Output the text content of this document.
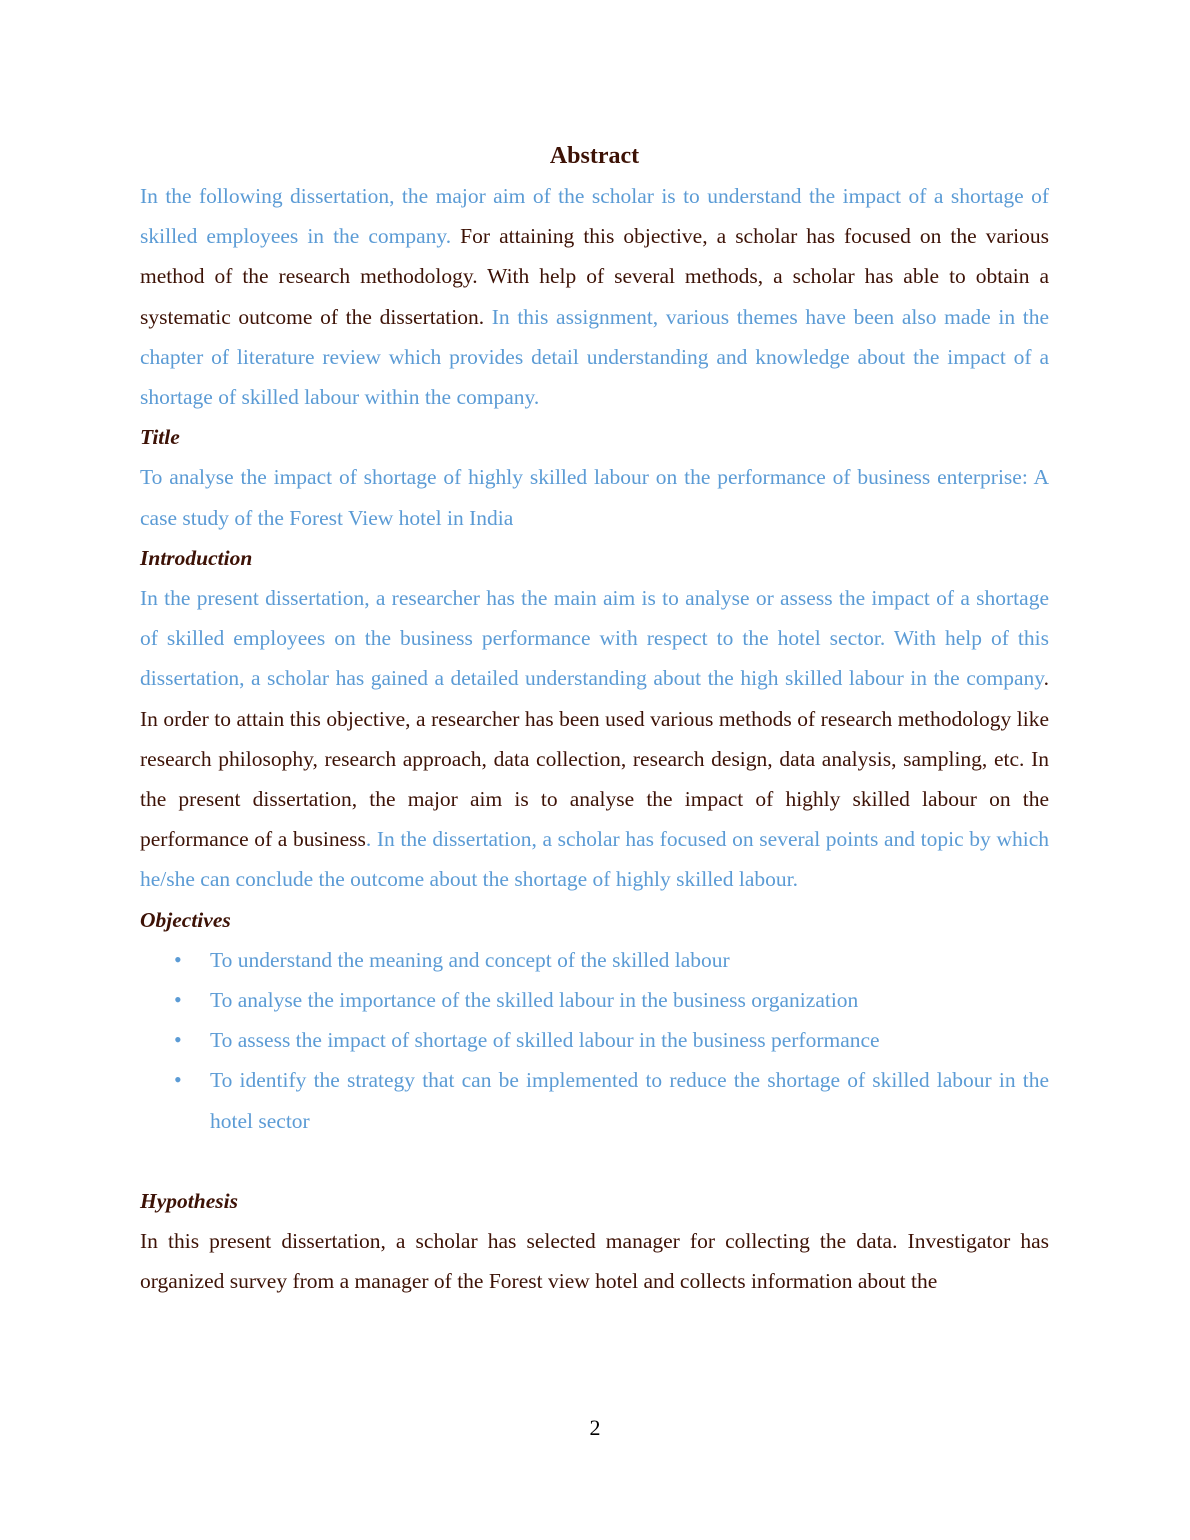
Abstract

In the following dissertation, the major aim of the scholar is to understand the impact of a shortage of skilled employees in the company. For attaining this objective, a scholar has focused on the various method of the research methodology. With help of several methods, a scholar has able to obtain a systematic outcome of the dissertation. In this assignment, various themes have been also made in the chapter of literature review which provides detail understanding and knowledge about the impact of a shortage of skilled labour within the company.

Title

To analyse the impact of shortage of highly skilled labour on the performance of business enterprise: A case study of the Forest View hotel in India

Introduction

In the present dissertation, a researcher has the main aim is to analyse or assess the impact of a shortage of skilled employees on the business performance with respect to the hotel sector. With help of this dissertation, a scholar has gained a detailed understanding about the high skilled labour in the company. In order to attain this objective, a researcher has been used various methods of research methodology like research philosophy, research approach, data collection, research design, data analysis, sampling, etc. In the present dissertation, the major aim is to analyse the impact of highly skilled labour on the performance of a business. In the dissertation, a scholar has focused on several points and topic by which he/she can conclude the outcome about the shortage of highly skilled labour.

Objectives
• To understand the meaning and concept of the skilled labour
• To analyse the importance of the skilled labour in the business organization
• To assess the impact of shortage of skilled labour in the business performance
• To identify the strategy that can be implemented to reduce the shortage of skilled labour in the hotel sector
Hypothesis

In this present dissertation, a scholar has selected manager for collecting the data. Investigator has organized survey from a manager of the Forest view hotel and collects information about the

2
